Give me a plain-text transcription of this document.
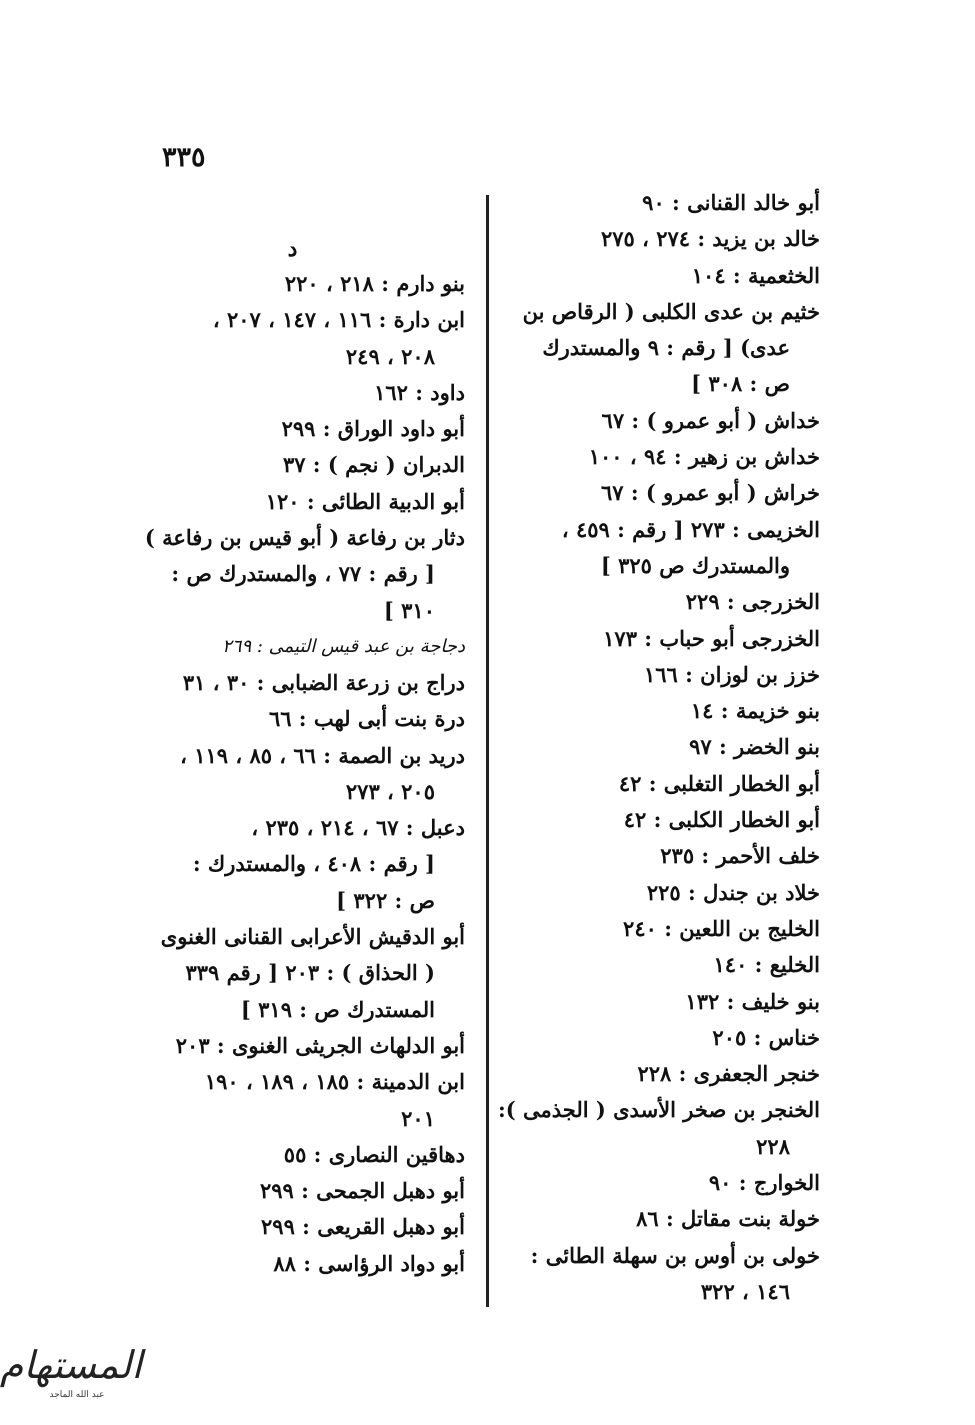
٣٣٥
أبو خالد القنانى : ٩٠
خالد بن يزيد : ٢٧٤ ، ٢٧٥
الخثعمية : ١٠٤
خثيم بن عدى الكلبى ( الرقاص بن
عدى) [ رقم : ٩ والمستدرك
ص : ٣٠٨ ]
خداش ( أبو عمرو ) : ٦٧
خداش بن زهير : ٩٤ ، ١٠٠
خراش ( أبو عمرو ) : ٦٧
الخزيمى : ٢٧٣ [ رقم : ٤٥٩ ،
والمستدرك ص ٣٢٥ ]
الخزرجى : ٢٢٩
الخزرجى أبو حباب : ١٧٣
خزز بن لوزان : ١٦٦
بنو خزيمة : ١٤
بنو الخضر : ٩٧
أبو الخطار التغلبى : ٤٢
أبو الخطار الكلبى : ٤٢
خلف الأحمر : ٢٣٥
خلاد بن جندل : ٢٢٥
الخليج بن اللعين : ٢٤٠
الخليع : ١٤٠
بنو خليف : ١٣٢
خناس : ٢٠٥
خنجر الجعفرى : ٢٢٨
الخنجر بن صخر الأسدى ( الجذمى ):
٢٢٨
الخوارج : ٩٠
خولة بنت مقاتل : ٨٦
خولى بن أوس بن سهلة الطائى :
١٤٦ ، ٣٢٢
د
بنو دارم : ٢١٨ ، ٢٢٠
ابن دارة : ١١٦ ، ١٤٧ ، ٢٠٧ ،
٢٠٨ ، ٢٤٩
داود : ١٦٢
أبو داود الوراق : ٢٩٩
الدبران ( نجم ) : ٣٧
أبو الدبية الطائى : ١٢٠
دثار بن رفاعة ( أبو قيس بن رفاعة )
[ رقم : ٧٧ ، والمستدرك ص :
٣١٠ ]
دجاجة بن عبد قيس التيمى : ٢٦٩
دراج بن زرعة الضبابى : ٣٠ ، ٣١
درة بنت أبى لهب : ٦٦
دريد بن الصمة : ٦٦ ، ٨٥ ، ١١٩ ،
٢٠٥ ، ٢٧٣
دعبل : ٦٧ ، ٢١٤ ، ٢٣٥ ،
[ رقم : ٤٠٨ ، والمستدرك :
ص : ٣٢٢ ]
أبو الدقيش الأعرابى القنانى الغنوى
( الحذاق ) : ٢٠٣ [ رقم ٣٣٩
المستدرك ص : ٣١٩ ]
أبو الدلهاث الجريثى الغنوى : ٢٠٣
ابن الدمينة : ١٨٥ ، ١٨٩ ، ١٩٠
٢٠١
دهاقين النصارى : ٥٥
أبو دهبل الجمحى : ٢٩٩
أبو دهبل القريعى : ٢٩٩
أبو دواد الرؤاسى : ٨٨
المستهام
عبد الله الماجد
